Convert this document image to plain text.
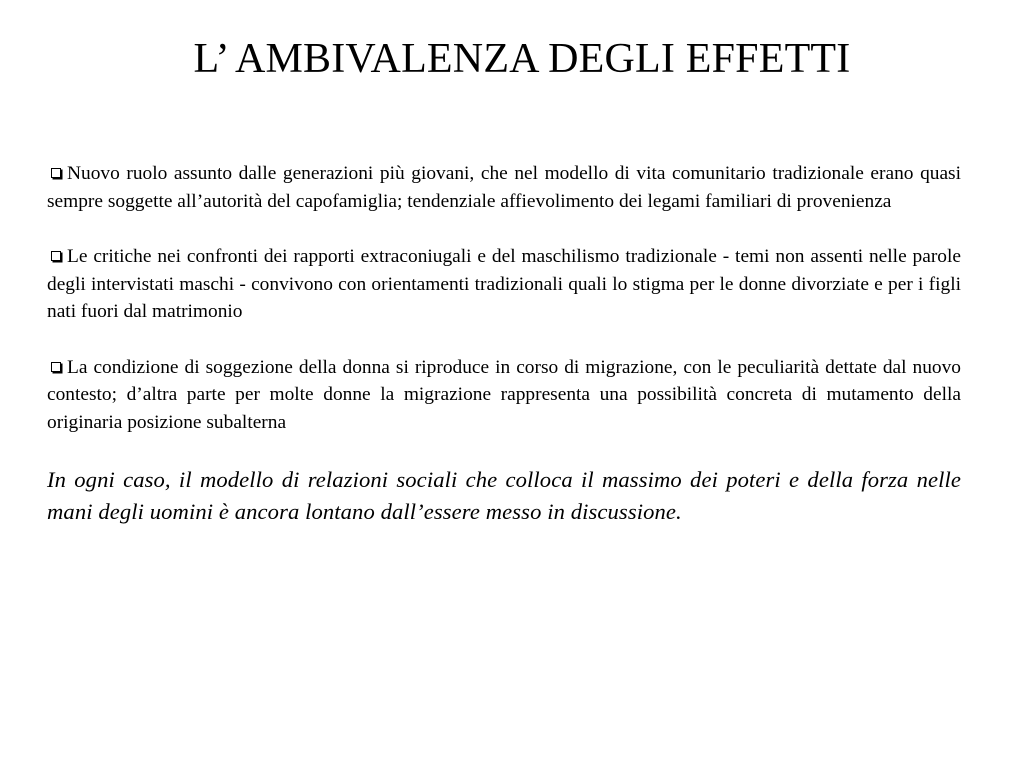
L’ AMBIVALENZA DEGLI EFFETTI

Nuovo ruolo assunto dalle generazioni più giovani, che nel modello di vita comunitario tradizionale erano quasi sempre soggette all’autorità del capofamiglia; tendenziale affievolimento dei legami familiari di provenienza

Le critiche nei confronti dei rapporti extraconiugali e del maschilismo tradizionale - temi non assenti nelle parole degli intervistati maschi - convivono con orientamenti tradizionali quali lo stigma per le donne divorziate e per i figli nati fuori dal matrimonio

La condizione di soggezione della donna si riproduce in corso di migrazione, con le peculiarità dettate dal nuovo contesto; d’altra parte per molte donne la migrazione rappresenta una possibilità concreta di mutamento della originaria posizione subalterna

In ogni caso, il modello di relazioni sociali che colloca il massimo dei poteri e della forza nelle mani degli uomini è ancora lontano dall’essere messo in discussione.
